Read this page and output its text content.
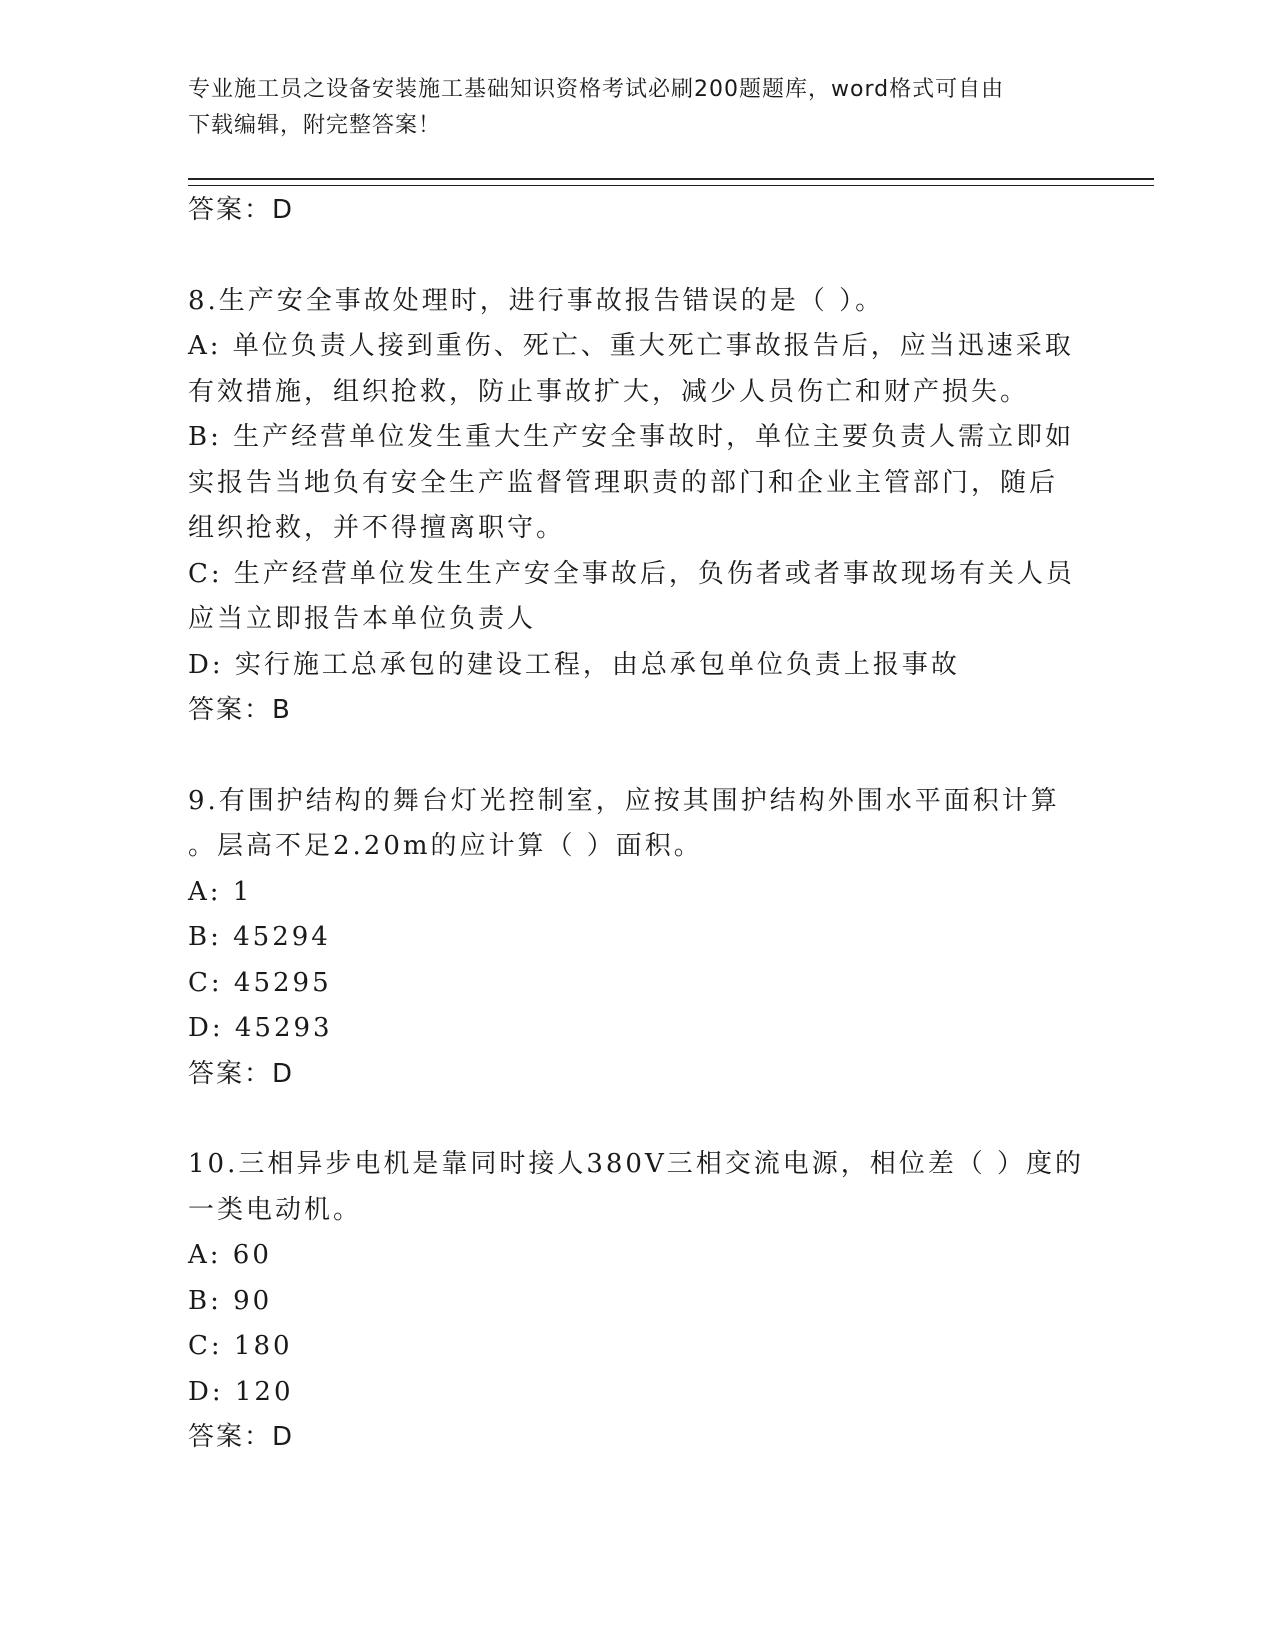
专业施工员之设备安装施工基础知识资格考试必刷200题题库，word格式可自由
下载编辑，附完整答案！

答案：D

8.生产安全事故处理时，进行事故报告错误的是（ ）。

A: 单位负责人接到重伤、死亡、重大死亡事故报告后，应当迅速采取

有效措施，组织抢救，防止事故扩大，减少人员伤亡和财产损失。

B: 生产经营单位发生重大生产安全事故时，单位主要负责人需立即如

实报告当地负有安全生产监督管理职责的部门和企业主管部门，随后

组织抢救，并不得擅离职守。

C: 生产经营单位发生生产安全事故后，负伤者或者事故现场有关人员

应当立即报告本单位负责人

D: 实行施工总承包的建设工程，由总承包单位负责上报事故

答案：B

9.有围护结构的舞台灯光控制室，应按其围护结构外围水平面积计算

。层高不足2.20m的应计算（ ）面积。

A: 1

B: 45294

C: 45295

D: 45293

答案：D

10.三相异步电机是靠同时接人380V三相交流电源，相位差（ ）度的

一类电动机。

A: 60

B: 90

C: 180

D: 120

答案：D
